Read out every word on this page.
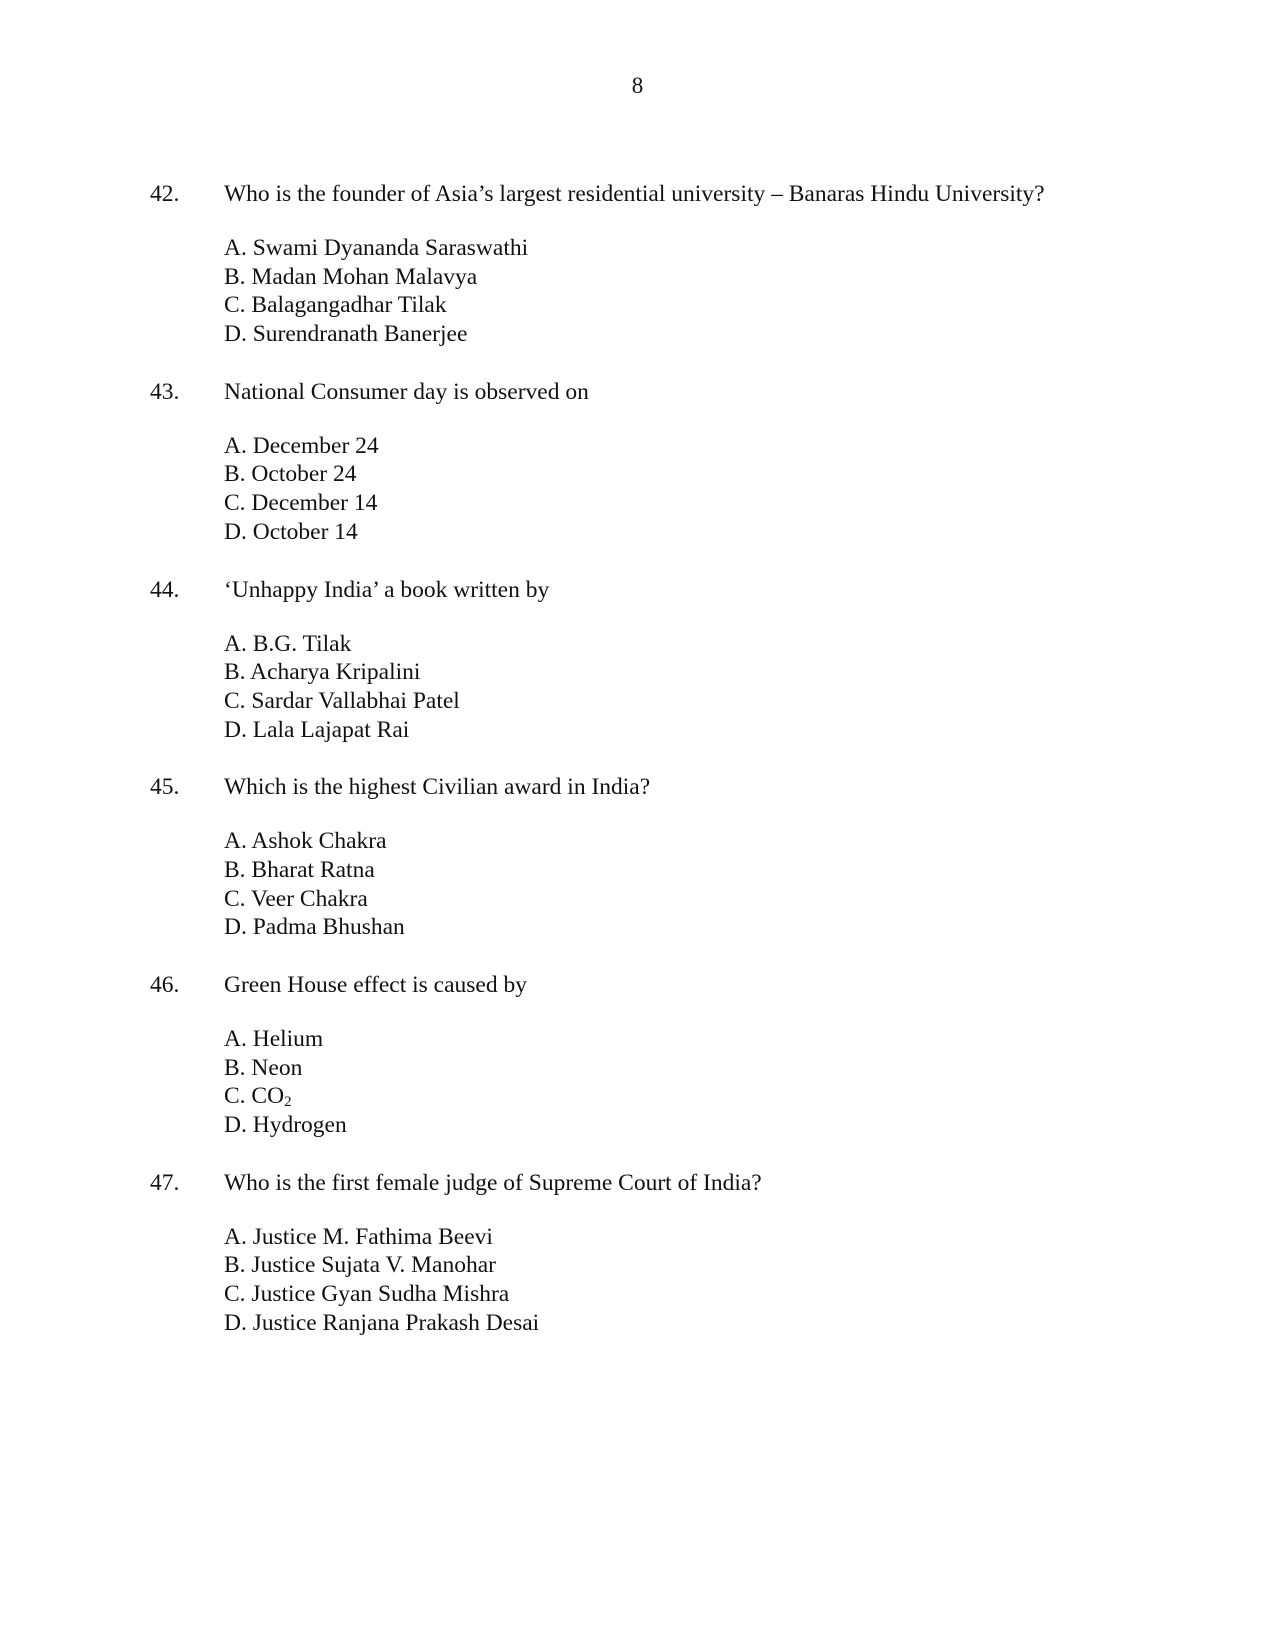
8
42.	Who is the founder of Asia’s largest residential university – Banaras Hindu University?
A. Swami Dyananda Saraswathi
B. Madan Mohan Malavya
C. Balagangadhar Tilak
D. Surendranath Banerjee
43.	National Consumer day is observed on
A. December 24
B. October 24
C. December 14
D. October 14
44.	‘Unhappy India’ a book written by
A. B.G. Tilak
B. Acharya Kripalini
C. Sardar Vallabhai Patel
D. Lala Lajapat Rai
45.	Which is the highest Civilian award in India?
A. Ashok Chakra
B. Bharat Ratna
C. Veer Chakra
D. Padma Bhushan
46.	Green House effect is caused by
A. Helium
B. Neon
C. $CO_2$
D. Hydrogen
47.	Who is the first female judge of Supreme Court of India?
A. Justice M. Fathima Beevi
B. Justice Sujata V. Manohar
C. Justice Gyan Sudha Mishra
D. Justice Ranjana Prakash Desai
